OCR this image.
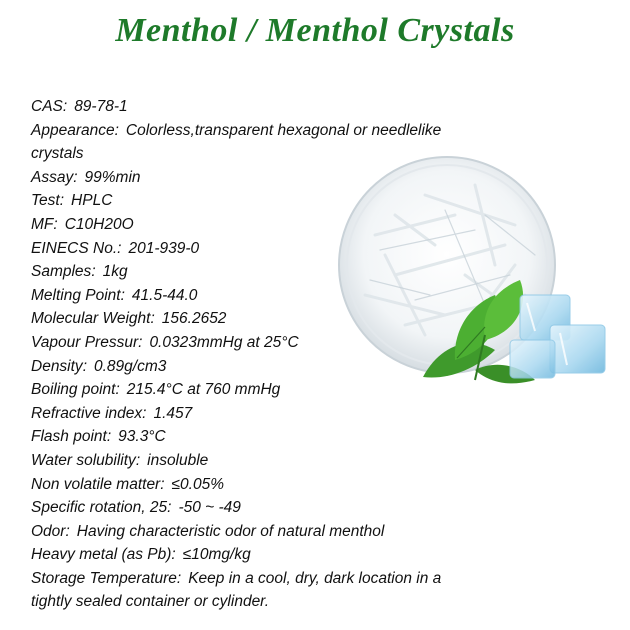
Menthol / Menthol Crystals
CAS : 89-78-1
Appearance : Colorless,transparent hexagonal or needlelike
crystals
Assay : 99%min
Test : HPLC
MF : C10H20O
EINECS No. : 201-939-0
Samples : 1kg
Melting Point : 41.5-44.0
Molecular Weight : 156.2652
Vapour Pressur : 0.0323mmHg at 25°C
Density : 0.89g/cm3
Boiling point : 215.4°C at 760 mmHg
Refractive index : 1.457
Flash point : 93.3°C
Water solubility : insoluble
Non volatile matter : ≤0.05%
Specific rotation, 25 : -50 ~ -49
Odor : Having characteristic odor of natural menthol
Heavy metal (as Pb) : ≤10mg/kg
Storage Temperature : Keep in a cool, dry, dark location in a
tightly sealed container or cylinder.
